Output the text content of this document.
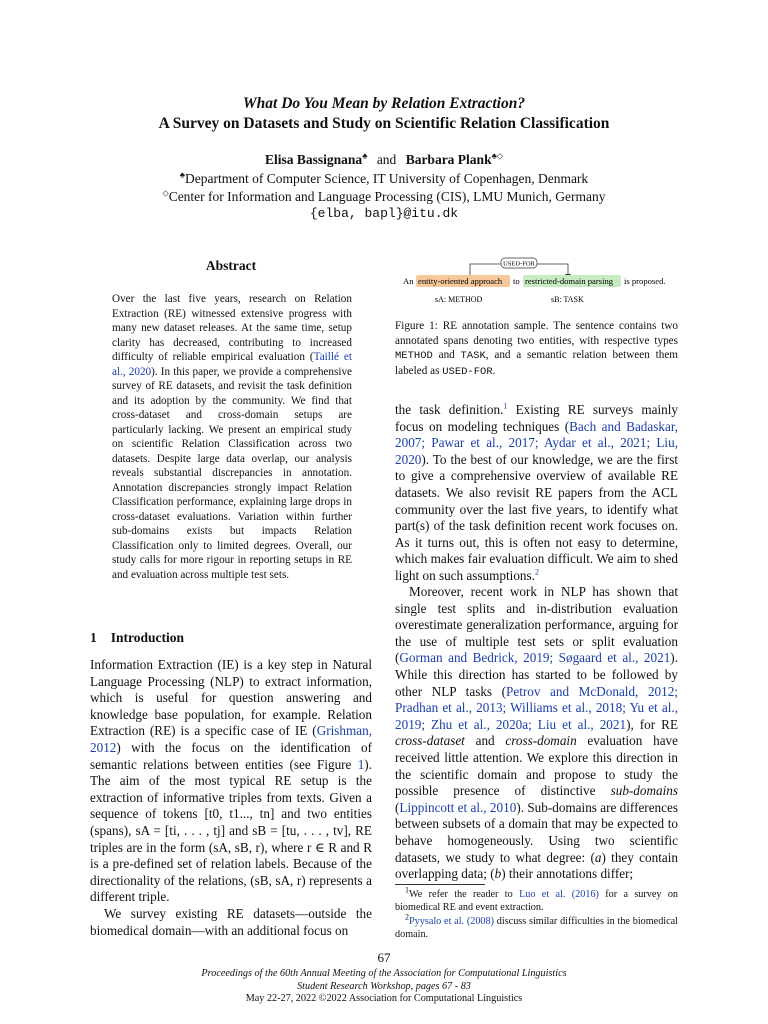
What Do You Mean by Relation Extraction?
A Survey on Datasets and Study on Scientific Relation Classification
Elisa Bassignana♣ and Barbara Plank♣◇
♣Department of Computer Science, IT University of Copenhagen, Denmark
◇Center for Information and Language Processing (CIS), LMU Munich, Germany
{elba, bapl}@itu.dk
Abstract
Over the last five years, research on Relation Extraction (RE) witnessed extensive progress with many new dataset releases. At the same time, setup clarity has decreased, contributing to increased difficulty of reliable empirical evaluation (Taillé et al., 2020). In this paper, we provide a comprehensive survey of RE datasets, and revisit the task definition and its adoption by the community. We find that cross-dataset and cross-domain setups are particularly lacking. We present an empirical study on scientific Relation Classification across two datasets. Despite large data overlap, our analysis reveals substantial discrepancies in annotation. Annotation discrepancies strongly impact Relation Classification performance, explaining large drops in cross-dataset evaluations. Variation within further sub-domains exists but impacts Relation Classification only to limited degrees. Overall, our study calls for more rigour in reporting setups in RE and evaluation across multiple test sets.
1 Introduction
Information Extraction (IE) is a key step in Natural Language Processing (NLP) to extract information, which is useful for question answering and knowledge base population, for example. Relation Extraction (RE) is a specific case of IE (Grishman, 2012) with the focus on the identification of semantic relations between entities (see Figure 1). The aim of the most typical RE setup is the extraction of informative triples from texts. Given a sequence of tokens [t0, t1..., tn] and two entities (spans), sA = [ti, . . . , tj] and sB = [tu, . . . , tv], RE triples are in the form (sA, sB, r), where r ∈ R and R is a pre-defined set of relation labels. Because of the directionality of the relations, (sB, sA, r) represents a different triple.
We survey existing RE datasets—outside the biomedical domain—with an additional focus on
USED-FOR
An entity-oriented approach to restricted-domain parsing is proposed.
sA: METHOD	sB: TASK
Figure 1: RE annotation sample. The sentence contains two annotated spans denoting two entities, with respective types METHOD and TASK, and a semantic relation between them labeled as USED-FOR.
the task definition.$^1$ Existing RE surveys mainly focus on modeling techniques (Bach and Badaskar, 2007; Pawar et al., 2017; Aydar et al., 2021; Liu, 2020). To the best of our knowledge, we are the first to give a comprehensive overview of available RE datasets. We also revisit RE papers from the ACL community over the last five years, to identify what part(s) of the task definition recent work focuses on. As it turns out, this is often not easy to determine, which makes fair evaluation difficult. We aim to shed light on such assumptions.$^2$
Moreover, recent work in NLP has shown that single test splits and in-distribution evaluation overestimate generalization performance, arguing for the use of multiple test sets or split evaluation (Gorman and Bedrick, 2019; Søgaard et al., 2021). While this direction has started to be followed by other NLP tasks (Petrov and McDonald, 2012; Pradhan et al., 2013; Williams et al., 2018; Yu et al., 2019; Zhu et al., 2020a; Liu et al., 2021), for RE cross-dataset and cross-domain evaluation have received little attention. We explore this direction in the scientific domain and propose to study the possible presence of distinctive sub-domains (Lippincott et al., 2010). Sub-domains are differences between subsets of a domain that may be expected to behave homogeneously. Using two scientific datasets, we study to what degree: (a) they contain overlapping data; (b) their annotations differ;
$^1$We refer the reader to Luo et al. (2016) for a survey on biomedical RE and event extraction.
$^2$Pyysalo et al. (2008) discuss similar difficulties in the biomedical domain.
67
Proceedings of the 60th Annual Meeting of the Association for Computational Linguistics
Student Research Workshop, pages 67 - 83
May 22-27, 2022 ©2022 Association for Computational Linguistics
